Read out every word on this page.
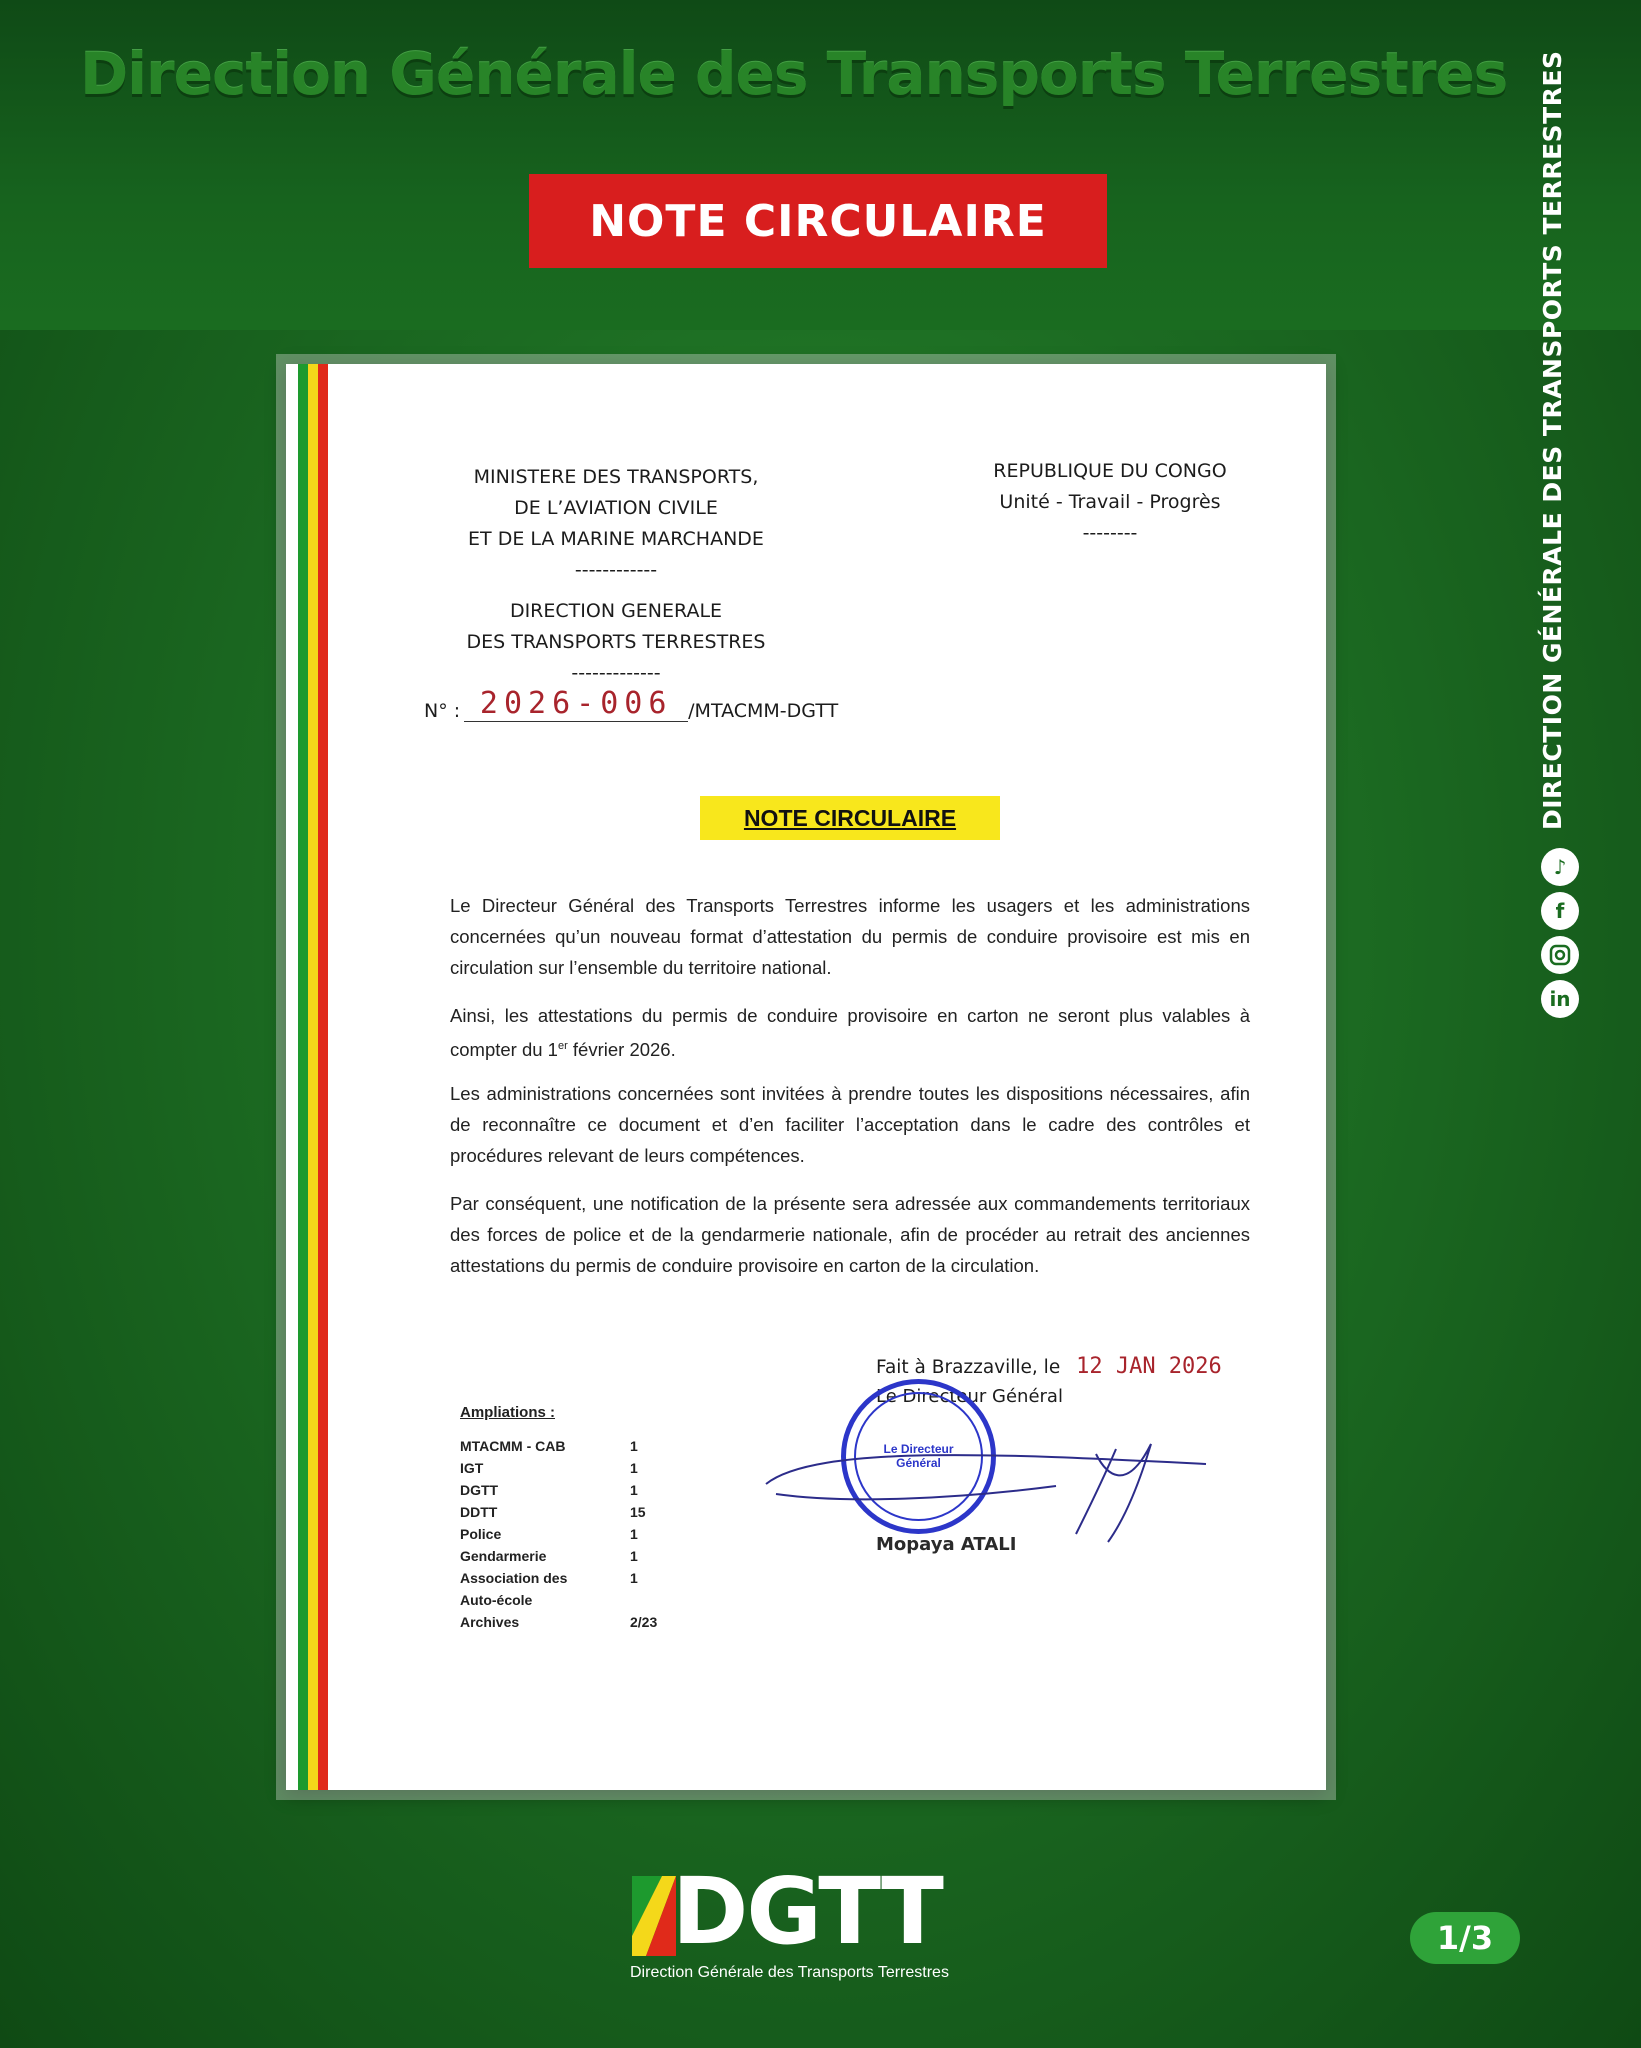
Direction Générale des Transports Terrestres
NOTE CIRCULAIRE	DIRECTION GÉNÉRALE DES TRANSPORTS TERRESTRES
♪
f
in
MINISTERE DES TRANSPORTS,
DE L’AVIATION CIVILE
ET DE LA MARINE MARCHANDE
------------
DIRECTION GENERALE
DES TRANSPORTS TERRESTRES
-------------
REPUBLIQUE DU CONGO
Unité - Travail - Progrès
--------
N° : 2026-006 /MTACMM-DGTT
NOTE CIRCULAIRE
Le Directeur Général des Transports Terrestres informe les usagers et les administrations concernées qu’un nouveau format d’attestation du permis de conduire provisoire est mis en circulation sur l’ensemble du territoire national.
Ainsi, les attestations du permis de conduire provisoire en carton ne seront plus valables à compter du 1er février 2026.
Les administrations concernées sont invitées à prendre toutes les dispositions nécessaires, afin de reconnaître ce document et d’en faciliter l’acceptation dans le cadre des contrôles et procédures relevant de leurs compétences.
Par conséquent, une notification de la présente sera adressée aux commandements territoriaux des forces de police et de la gendarmerie nationale, afin de procéder au retrait des anciennes attestations du permis de conduire provisoire en carton de la circulation.
Fait à Brazzaville, le 12 JAN 2026
Le Directeur Général
Le Directeur
Général
Mopaya ATALI
Ampliations :
MTACMM - CAB	1
IGT	1
DGTT	1
DDTT	15
Police	1
Gendarmerie	1
Association des	1
Auto-école
Archives	2/23
DGTT
Direction Générale des Transports Terrestres
1/3
